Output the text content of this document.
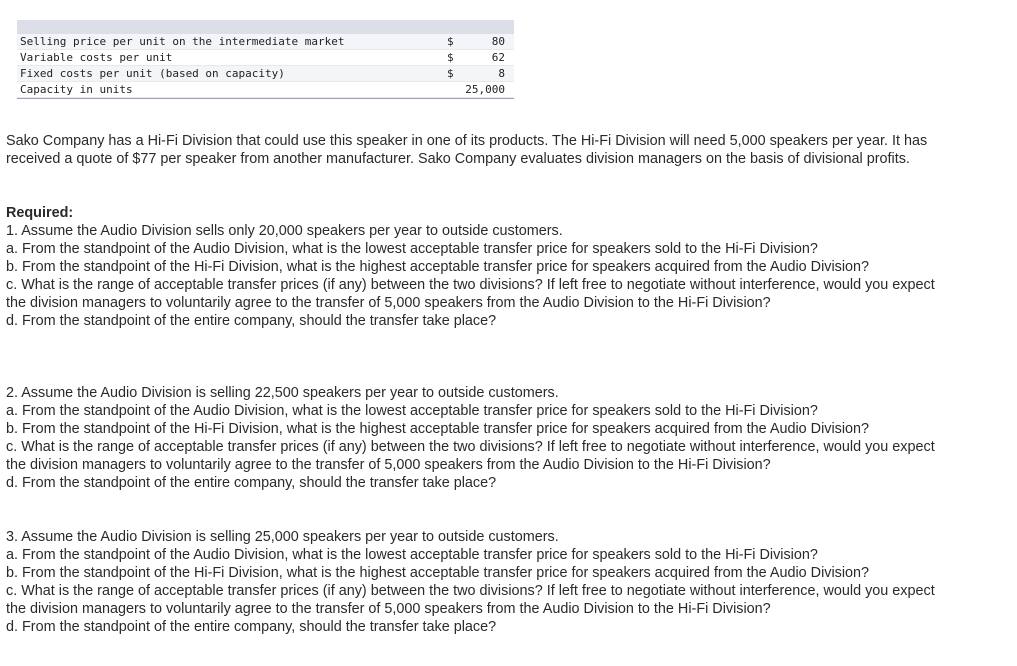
Selling price per unit on the intermediate market	$	80
Variable costs per unit	$	62
Fixed costs per unit (based on capacity)	$	8
Capacity in units	25,000

Sako Company has a Hi-Fi Division that could use this speaker in one of its products. The Hi-Fi Division will need 5,000 speakers per year. It has received a quote of $77 per speaker from another manufacturer. Sako Company evaluates division managers on the basis of divisional profits.

Required:

1. Assume the Audio Division sells only 20,000 speakers per year to outside customers.

a. From the standpoint of the Audio Division, what is the lowest acceptable transfer price for speakers sold to the Hi-Fi Division?

b. From the standpoint of the Hi-Fi Division, what is the highest acceptable transfer price for speakers acquired from the Audio Division?

c. What is the range of acceptable transfer prices (if any) between the two divisions? If left free to negotiate without interference, would you expect the division managers to voluntarily agree to the transfer of 5,000 speakers from the Audio Division to the Hi-Fi Division?

d. From the standpoint of the entire company, should the transfer take place?

2. Assume the Audio Division is selling 22,500 speakers per year to outside customers.

a. From the standpoint of the Audio Division, what is the lowest acceptable transfer price for speakers sold to the Hi-Fi Division?

b. From the standpoint of the Hi-Fi Division, what is the highest acceptable transfer price for speakers acquired from the Audio Division?

c. What is the range of acceptable transfer prices (if any) between the two divisions? If left free to negotiate without interference, would you expect the division managers to voluntarily agree to the transfer of 5,000 speakers from the Audio Division to the Hi-Fi Division?

d. From the standpoint of the entire company, should the transfer take place?

3. Assume the Audio Division is selling 25,000 speakers per year to outside customers.

a. From the standpoint of the Audio Division, what is the lowest acceptable transfer price for speakers sold to the Hi-Fi Division?

b. From the standpoint of the Hi-Fi Division, what is the highest acceptable transfer price for speakers acquired from the Audio Division?

c. What is the range of acceptable transfer prices (if any) between the two divisions? If left free to negotiate without interference, would you expect the division managers to voluntarily agree to the transfer of 5,000 speakers from the Audio Division to the Hi-Fi Division?

d. From the standpoint of the entire company, should the transfer take place?
